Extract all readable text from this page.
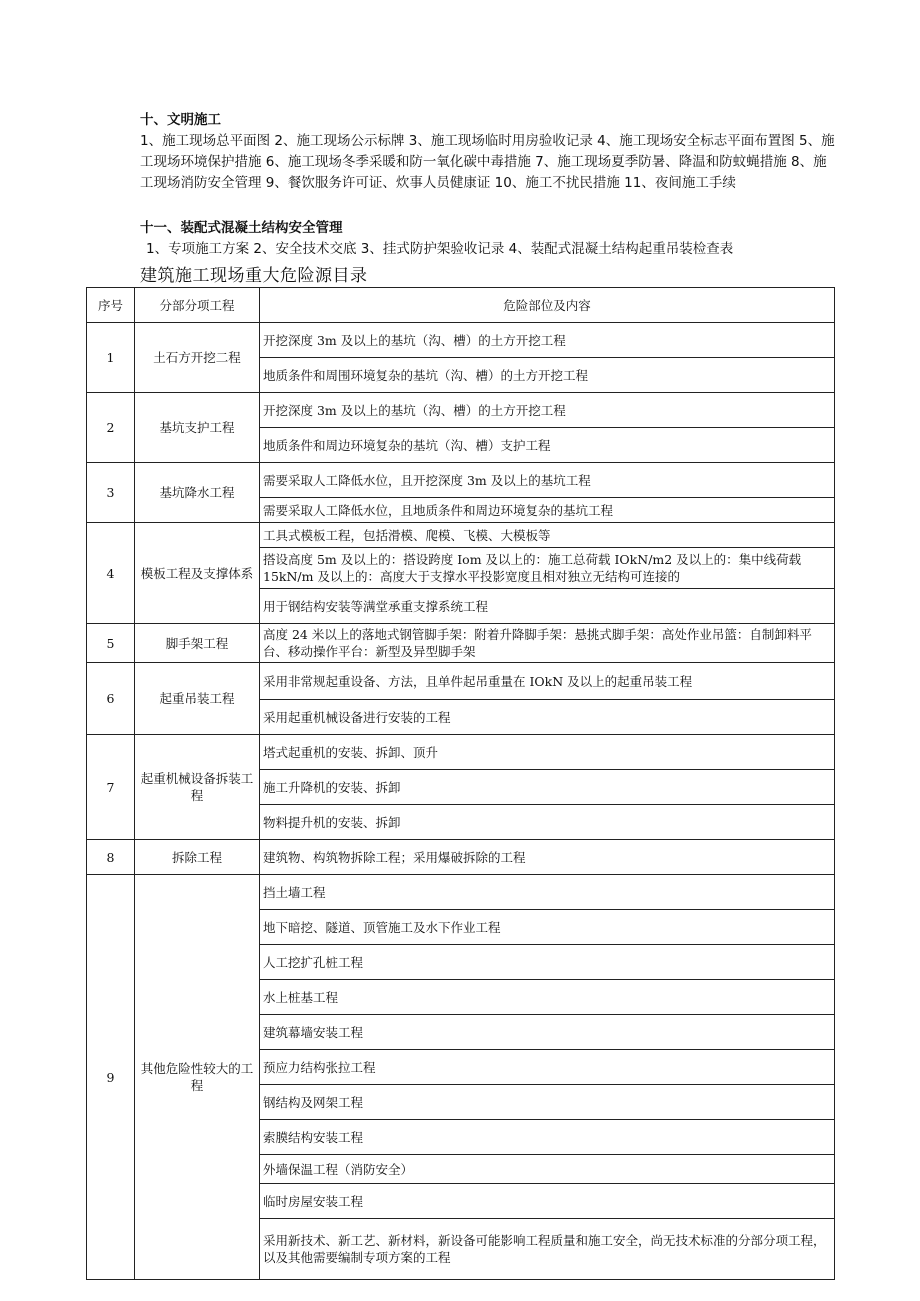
十、文明施工
1、施工现场总平面图 2、施工现场公示标牌 3、施工现场临时用房验收记录 4、施工现场安全标志平面布置图 5、施工现场环境保护措施 6、施工现场冬季采暖和防一氧化碳中毒措施 7、施工现场夏季防暑、降温和防蚊蝇措施 8、施工现场消防安全管理 9、餐饮服务许可证、炊事人员健康证 10、施工不扰民措施 11、夜间施工手续
十一、装配式混凝土结构安全管理
1、专项施工方案 2、安全技术交底 3、挂式防护架验收记录 4、装配式混凝土结构起重吊装检查表
建筑施工现场重大危险源目录
序号	分部分项工程	危险部位及内容
1	土石方开挖二程	开挖深度 3m 及以上的基坑（沟、槽）的土方开挖工程
		地质条件和周围环境复杂的基坑（沟、槽）的土方开挖工程
2	基坑支护工程	开挖深度 3m 及以上的基坑（沟、槽）的土方开挖工程
		地质条件和周边环境复杂的基坑（沟、槽）支护工程
3	基坑降水工程	需要采取人工降低水位，且开挖深度 3m 及以上的基坑工程
		需要采取人工降低水位，且地质条件和周边环境复杂的基坑工程
4	模板工程及支撑体系	工具式模板工程，包括滑模、爬模、飞模、大模板等
		搭设高度 5m 及以上的：搭设跨度 Iom 及以上的：施工总荷载 IOkN/m2 及以上的：集中线荷载 15kN/m 及以上的：高度大于支撑水平投影宽度且相对独立无结构可连接的
		用于钢结构安装等满堂承重支撑系统工程
5	脚手架工程	高度 24 米以上的落地式钢管脚手架：附着升降脚手架：悬挑式脚手架：高处作业吊篮：自制卸料平台、移动操作平台：新型及异型脚手架
6	起重吊装工程	采用非常规起重设备、方法，且单件起吊重量在 IOkN 及以上的起重吊装工程
		采用起重机械设备进行安装的工程
7	起重机械设备拆装工程	塔式起重机的安装、拆卸、顶升
		施工升降机的安装、拆卸
		物料提升机的安装、拆卸
8	拆除工程	建筑物、构筑物拆除工程；采用爆破拆除的工程
9	其他危险性较大的工程	挡土墙工程
		地下暗挖、隧道、顶管施工及水下作业工程
		人工挖扩孔桩工程
		水上桩基工程
		建筑幕墙安装工程
		预应力结构张拉工程
		钢结构及网架工程
		索膜结构安装工程
		外墙保温工程（消防安全）
		临时房屋安装工程
		采用新技术、新工艺、新材料，新设备可能影响工程质量和施工安全，尚无技术标准的分部分项工程，以及其他需要编制专项方案的工程
